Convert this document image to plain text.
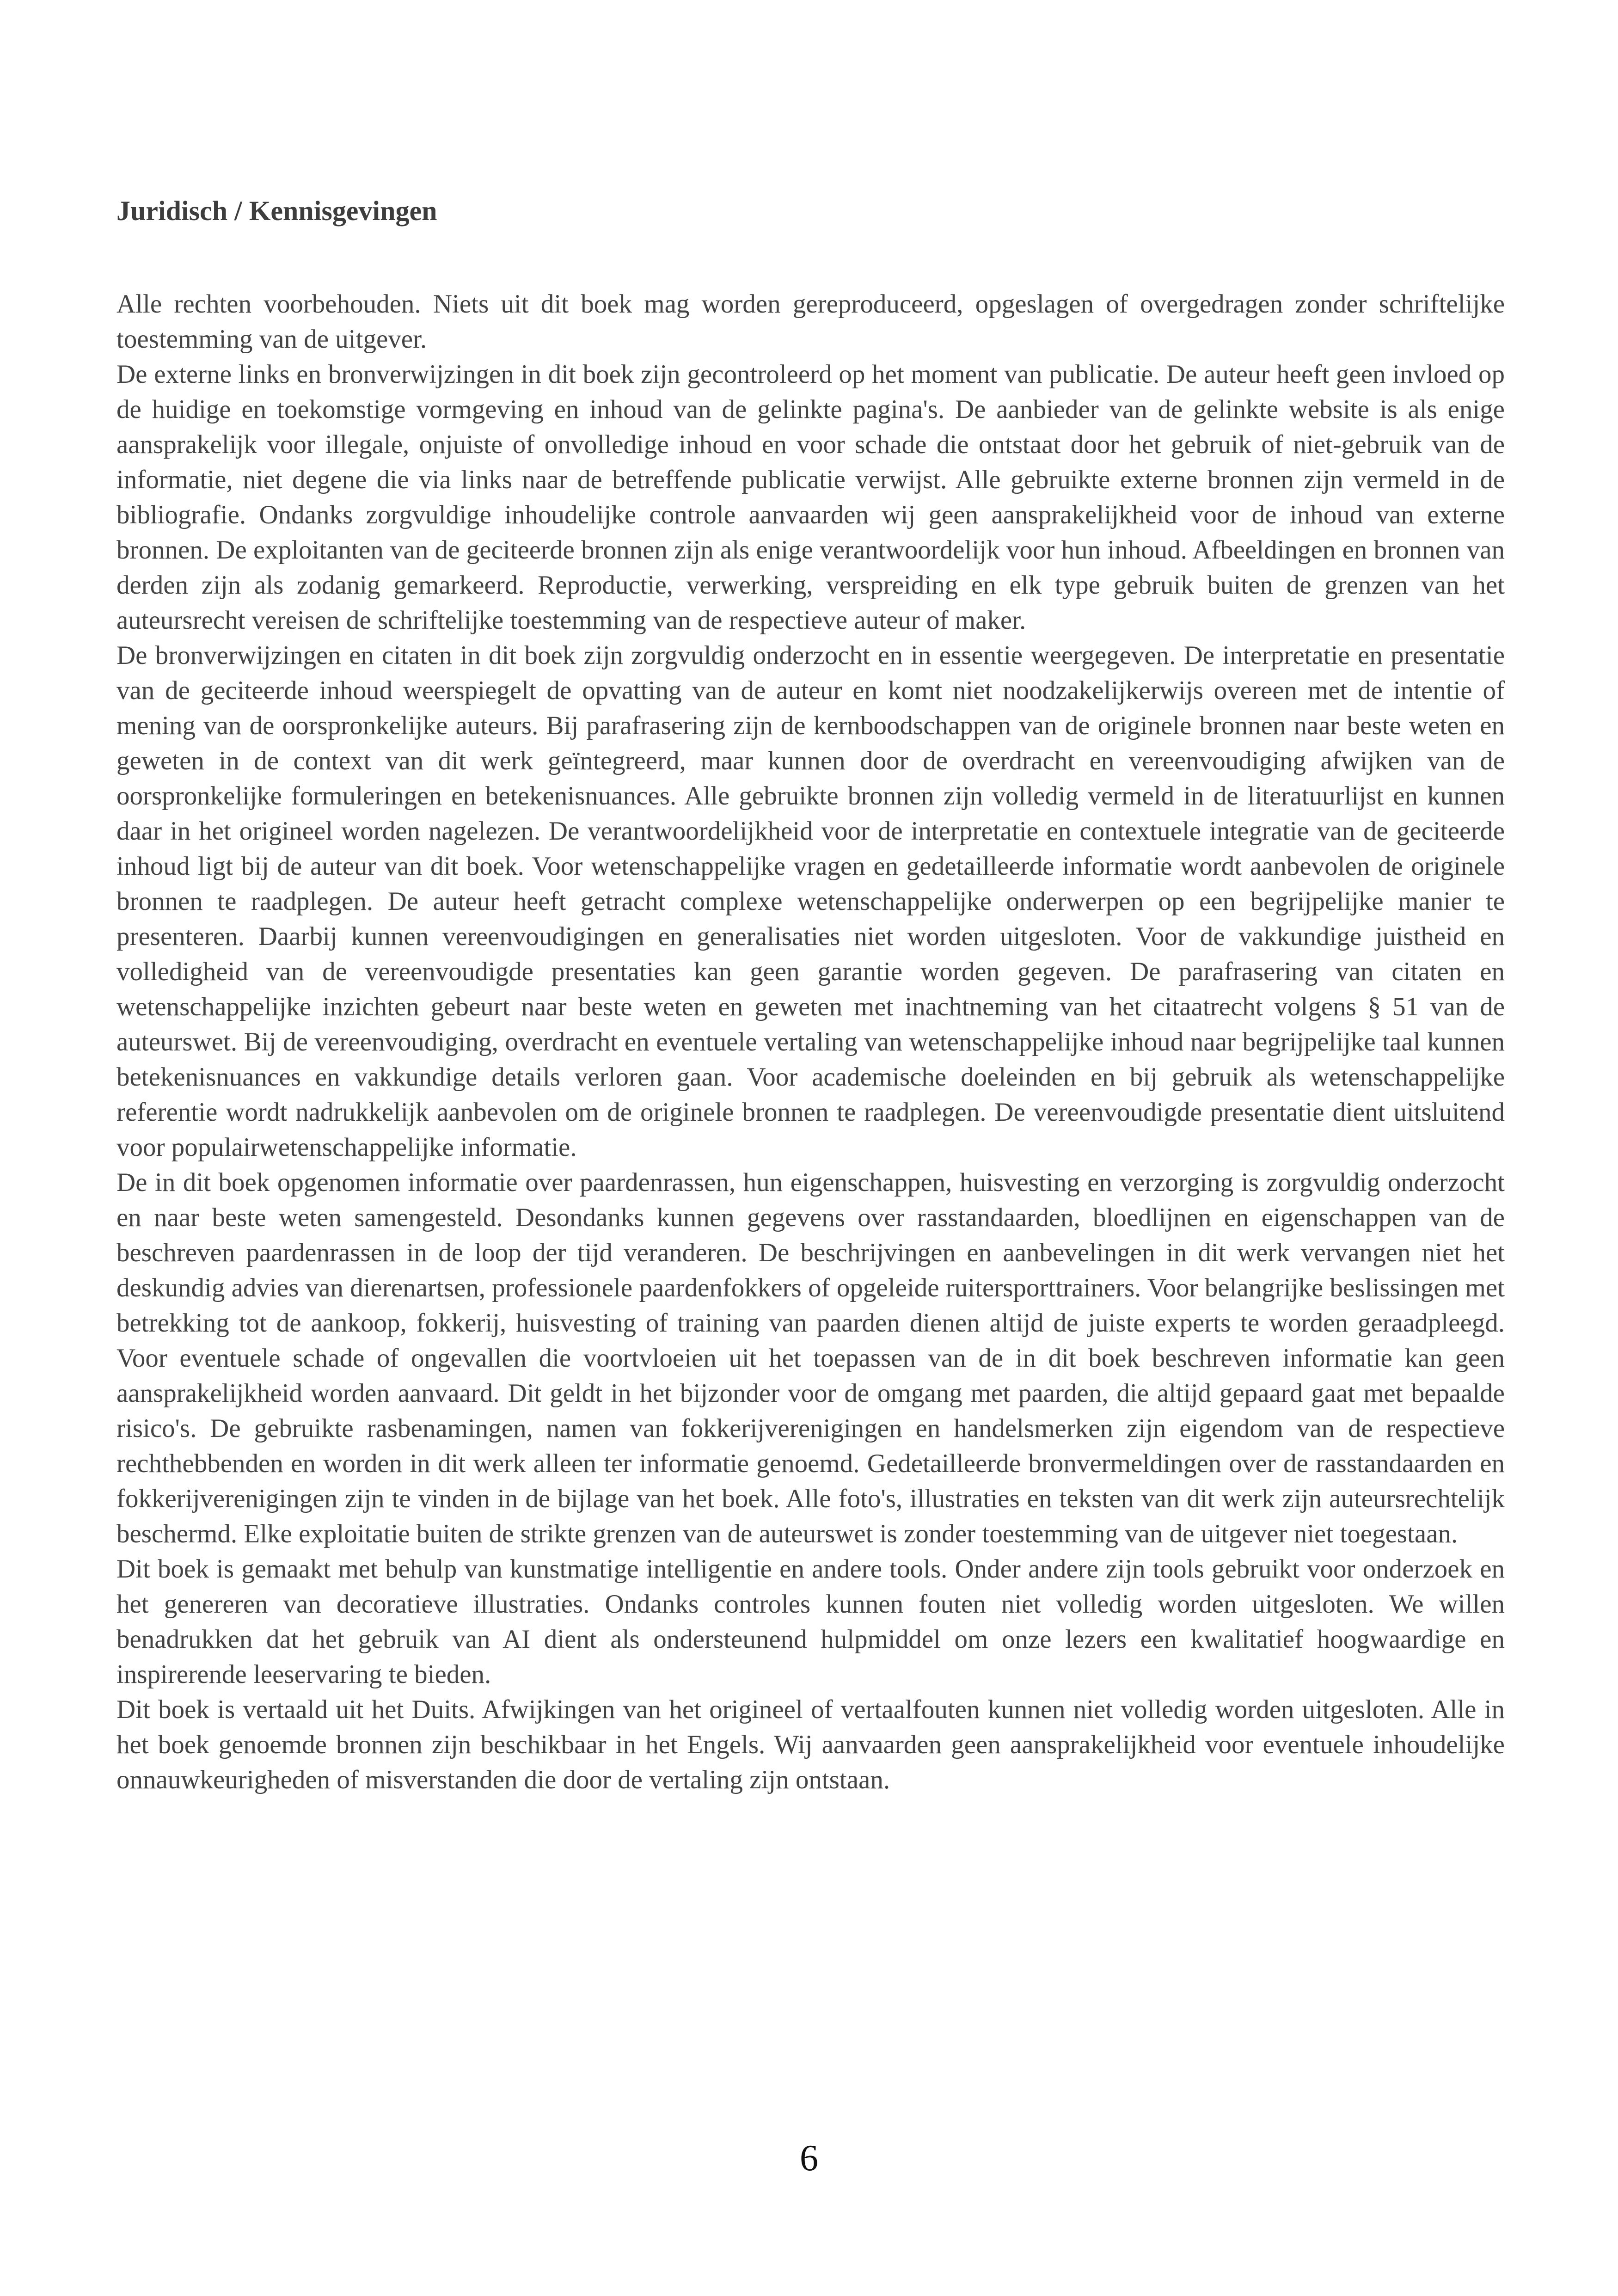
Juridisch / Kennisgevingen

Alle rechten voorbehouden. Niets uit dit boek mag worden gereproduceerd, opgeslagen of overgedragen zonder schriftelijke toestemming van de uitgever.

De externe links en bronverwijzingen in dit boek zijn gecontroleerd op het moment van publicatie. De auteur heeft geen invloed op de huidige en toekomstige vormgeving en inhoud van de gelinkte pagina's. De aanbieder van de gelinkte website is als enige aansprakelijk voor illegale, onjuiste of onvolledige inhoud en voor schade die ontstaat door het gebruik of niet-gebruik van de informatie, niet degene die via links naar de betreffende publicatie verwijst. Alle gebruikte externe bronnen zijn vermeld in de bibliografie. Ondanks zorgvuldige inhoudelijke controle aanvaarden wij geen aansprakelijkheid voor de inhoud van externe bronnen. De exploitanten van de geciteerde bronnen zijn als enige verantwoordelijk voor hun inhoud. Afbeeldingen en bronnen van derden zijn als zodanig gemarkeerd. Reproductie, verwerking, verspreiding en elk type gebruik buiten de grenzen van het auteursrecht vereisen de schriftelijke toestemming van de respectieve auteur of maker.

De bronverwijzingen en citaten in dit boek zijn zorgvuldig onderzocht en in essentie weergegeven. De interpretatie en presentatie van de geciteerde inhoud weerspiegelt de opvatting van de auteur en komt niet noodzakelijkerwijs overeen met de intentie of mening van de oorspronkelijke auteurs. Bij parafrasering zijn de kernboodschappen van de originele bronnen naar beste weten en geweten in de context van dit werk geïntegreerd, maar kunnen door de overdracht en vereenvoudiging afwijken van de oorspronkelijke formuleringen en betekenisnuances. Alle gebruikte bronnen zijn volledig vermeld in de literatuurlijst en kunnen daar in het origineel worden nagelezen. De verantwoordelijkheid voor de interpretatie en contextuele integratie van de geciteerde inhoud ligt bij de auteur van dit boek. Voor wetenschappelijke vragen en gedetailleerde informatie wordt aanbevolen de originele bronnen te raadplegen. De auteur heeft getracht complexe wetenschappelijke onderwerpen op een begrijpelijke manier te presenteren. Daarbij kunnen vereenvoudigingen en generalisaties niet worden uitgesloten. Voor de vakkundige juistheid en volledigheid van de vereenvoudigde presentaties kan geen garantie worden gegeven. De parafrasering van citaten en wetenschappelijke inzichten gebeurt naar beste weten en geweten met inachtneming van het citaatrecht volgens § 51 van de auteurswet. Bij de vereenvoudiging, overdracht en eventuele vertaling van wetenschappelijke inhoud naar begrijpelijke taal kunnen betekenisnuances en vakkundige details verloren gaan. Voor academische doeleinden en bij gebruik als wetenschappelijke referentie wordt nadrukkelijk aanbevolen om de originele bronnen te raadplegen. De vereenvoudigde presentatie dient uitsluitend voor populairwetenschappelijke informatie.

De in dit boek opgenomen informatie over paardenrassen, hun eigenschappen, huisvesting en verzorging is zorgvuldig onderzocht en naar beste weten samengesteld. Desondanks kunnen gegevens over rasstandaarden, bloedlijnen en eigenschappen van de beschreven paardenrassen in de loop der tijd veranderen. De beschrijvingen en aanbevelingen in dit werk vervangen niet het deskundig advies van dierenartsen, professionele paardenfokkers of opgeleide ruitersporttrainers. Voor belangrijke beslissingen met betrekking tot de aankoop, fokkerij, huisvesting of training van paarden dienen altijd de juiste experts te worden geraadpleegd. Voor eventuele schade of ongevallen die voortvloeien uit het toepassen van de in dit boek beschreven informatie kan geen aansprakelijkheid worden aanvaard. Dit geldt in het bijzonder voor de omgang met paarden, die altijd gepaard gaat met bepaalde risico's. De gebruikte rasbenamingen, namen van fokkerijverenigingen en handelsmerken zijn eigendom van de respectieve rechthebbenden en worden in dit werk alleen ter informatie genoemd. Gedetailleerde bronvermeldingen over de rasstandaarden en fokkerijverenigingen zijn te vinden in de bijlage van het boek. Alle foto's, illustraties en teksten van dit werk zijn auteursrechtelijk beschermd. Elke exploitatie buiten de strikte grenzen van de auteurswet is zonder toestemming van de uitgever niet toegestaan.

Dit boek is gemaakt met behulp van kunstmatige intelligentie en andere tools. Onder andere zijn tools gebruikt voor onderzoek en het genereren van decoratieve illustraties. Ondanks controles kunnen fouten niet volledig worden uitgesloten. We willen benadrukken dat het gebruik van AI dient als ondersteunend hulpmiddel om onze lezers een kwalitatief hoogwaardige en inspirerende leeservaring te bieden.

Dit boek is vertaald uit het Duits. Afwijkingen van het origineel of vertaalfouten kunnen niet volledig worden uitgesloten. Alle in het boek genoemde bronnen zijn beschikbaar in het Engels. Wij aanvaarden geen aansprakelijkheid voor eventuele inhoudelijke onnauwkeurigheden of misverstanden die door de vertaling zijn ontstaan.

6
